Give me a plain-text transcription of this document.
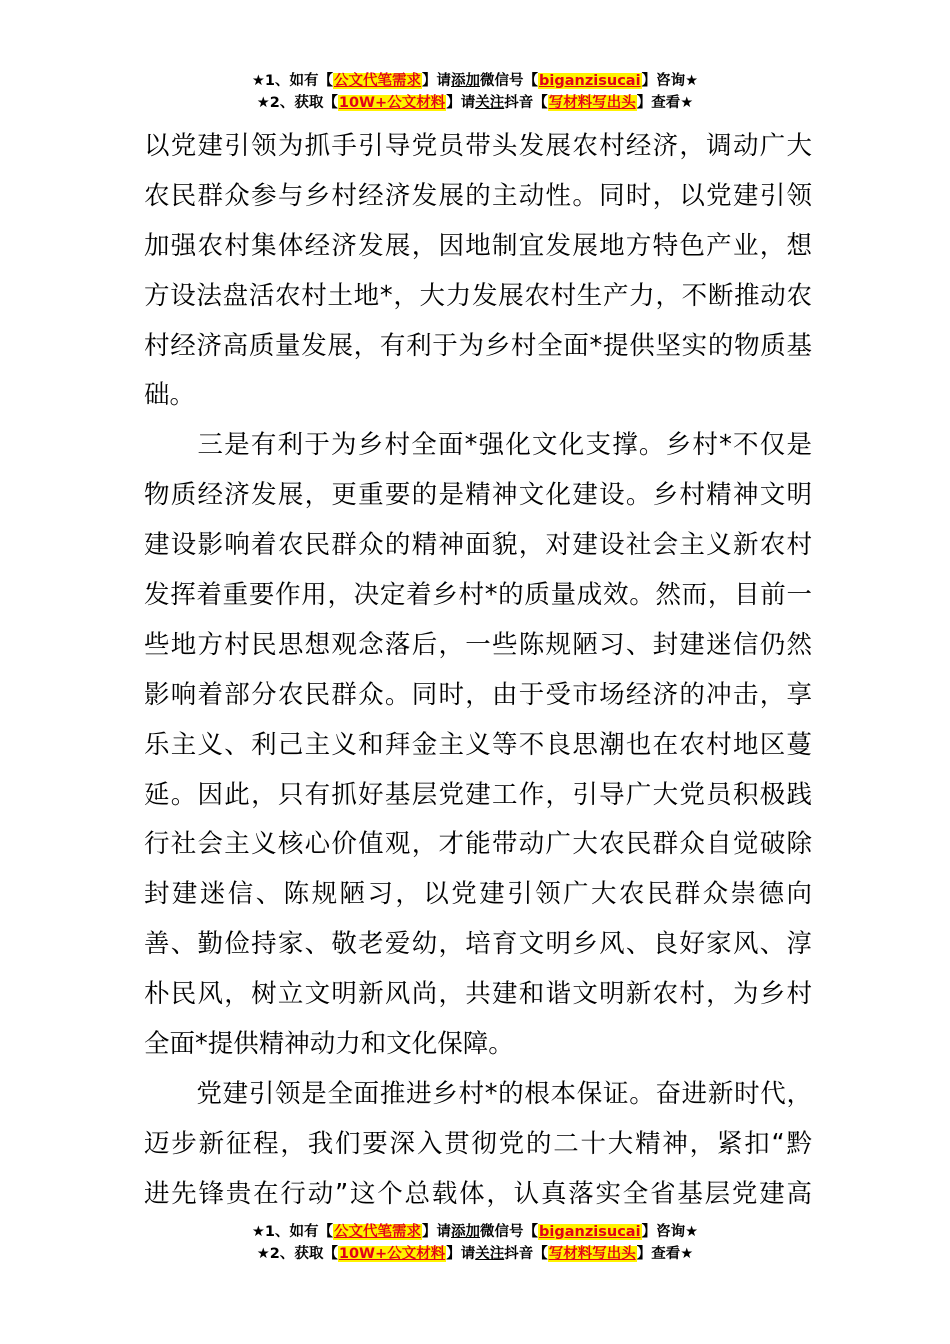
★1、如有【公文代笔需求】请添加微信号【biganzisucai】咨询★
★2、获取【10W+公文材料】请关注抖音【写材料写出头】查看★
以党建引领为抓手引导党员带头发展农村经济，调动广大
农民群众参与乡村经济发展的主动性。同时，以党建引领
加强农村集体经济发展，因地制宜发展地方特色产业，想
方设法盘活农村土地*，大力发展农村生产力，不断推动农
村经济高质量发展，有利于为乡村全面*提供坚实的物质基
础。
　　三是有利于为乡村全面*强化文化支撑。乡村*不仅是
物质经济发展，更重要的是精神文化建设。乡村精神文明
建设影响着农民群众的精神面貌，对建设社会主义新农村
发挥着重要作用，决定着乡村*的质量成效。然而，目前一
些地方村民思想观念落后，一些陈规陋习、封建迷信仍然
影响着部分农民群众。同时，由于受市场经济的冲击，享
乐主义、利己主义和拜金主义等不良思潮也在农村地区蔓
延。因此，只有抓好基层党建工作，引导广大党员积极践
行社会主义核心价值观，才能带动广大农民群众自觉破除
封建迷信、陈规陋习，以党建引领广大农民群众崇德向
善、勤俭持家、敬老爱幼，培育文明乡风、良好家风、淳
朴民风，树立文明新风尚，共建和谐文明新农村，为乡村
全面*提供精神动力和文化保障。
　　党建引领是全面推进乡村*的根本保证。奋进新时代，
迈步新征程，我们要深入贯彻党的二十大精神，紧扣“黔
进先锋贵在行动”这个总载体，认真落实全省基层党建高
★1、如有【公文代笔需求】请添加微信号【biganzisucai】咨询★
★2、获取【10W+公文材料】请关注抖音【写材料写出头】查看★
